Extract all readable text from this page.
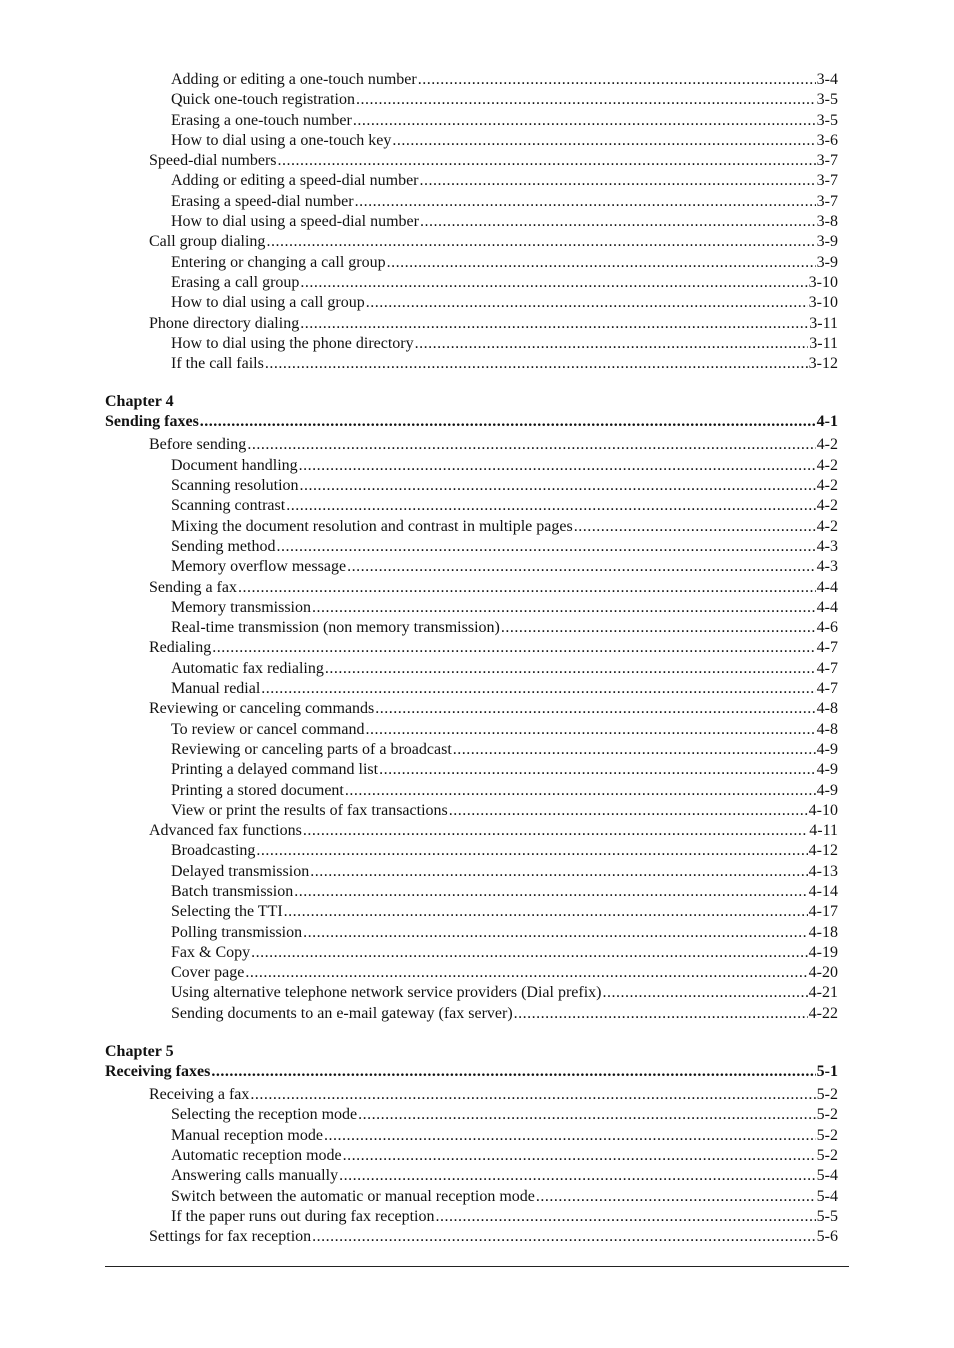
Adding or editing a one-touch number .....	3-4
Quick one-touch registration .....	3-5
Erasing a one-touch number .....	3-5
How to dial using a one-touch key .....	3-6
Speed-dial numbers .....	3-7
Adding or editing a speed-dial number .....	3-7
Erasing a speed-dial number .....	3-7
How to dial using a speed-dial number .....	3-8
Call group dialing .....	3-9
Entering or changing a call group .....	3-9
Erasing a call group .....	3-10
How to dial using a call group .....	3-10
Phone directory dialing .....	3-11
How to dial using the phone directory .....	3-11
If the call fails .....	3-12
Chapter 4
Sending faxes .....	4-1
Before sending .....	4-2
Document handling .....	4-2
Scanning resolution .....	4-2
Scanning contrast .....	4-2
Mixing the document resolution and contrast in multiple pages .....	4-2
Sending method .....	4-3
Memory overflow message .....	4-3
Sending a fax .....	4-4
Memory transmission .....	4-4
Real-time transmission (non memory transmission) .....	4-6
Redialing .....	4-7
Automatic fax redialing .....	4-7
Manual redial .....	4-7
Reviewing or canceling commands .....	4-8
To review or cancel command .....	4-8
Reviewing or canceling parts of a broadcast .....	4-9
Printing a delayed command list .....	4-9
Printing a stored document .....	4-9
View or print the results of fax transactions .....	4-10
Advanced fax functions .....	4-11
Broadcasting .....	4-12
Delayed transmission .....	4-13
Batch transmission .....	4-14
Selecting the TTI .....	4-17
Polling transmission .....	4-18
Fax & Copy .....	4-19
Cover page .....	4-20
Using alternative telephone network service providers (Dial prefix) .....	4-21
Sending documents to an e-mail gateway (fax server) .....	4-22
Chapter 5
Receiving faxes .....	5-1
Receiving a fax .....	5-2
Selecting the reception mode .....	5-2
Manual reception mode .....	5-2
Automatic reception mode .....	5-2
Answering calls manually .....	5-4
Switch between the automatic or manual reception mode .....	5-4
If the paper runs out during fax reception .....	5-5
Settings for fax reception .....	5-6
